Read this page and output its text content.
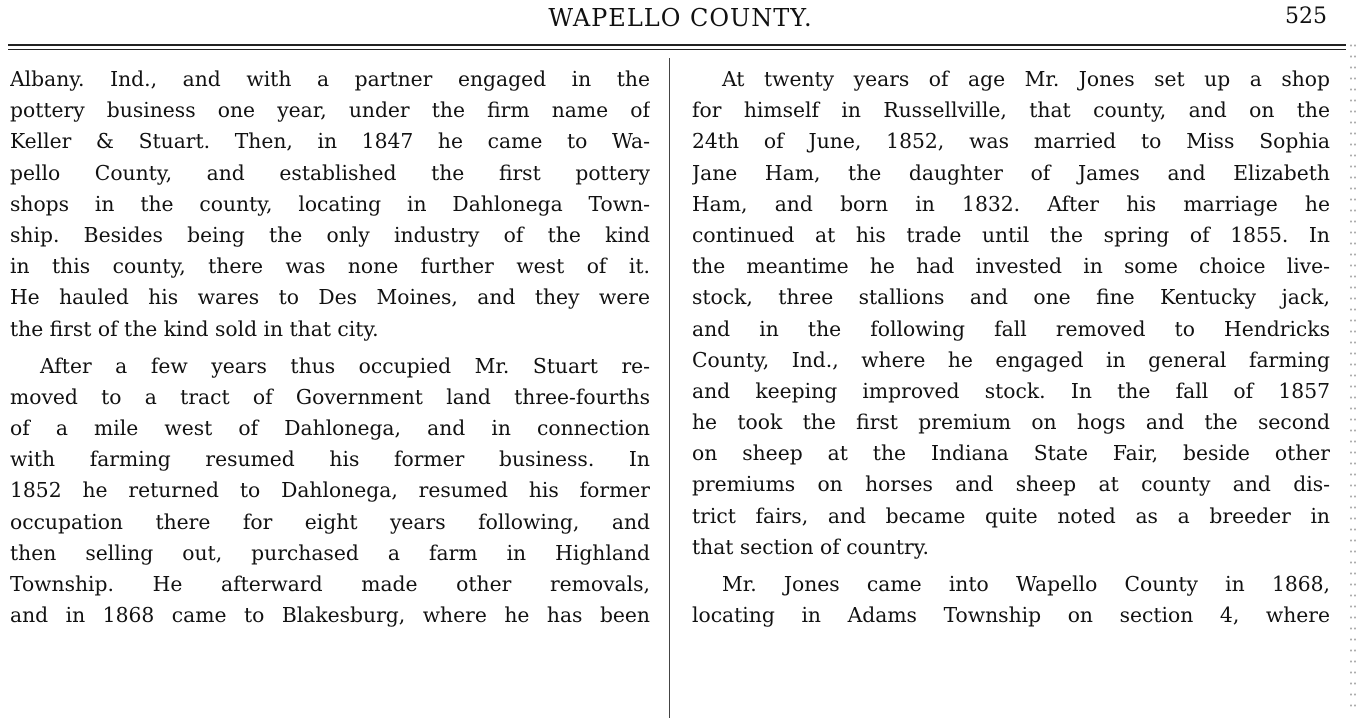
WAPELLO COUNTY.	525
Albany. Ind., and with a partner engaged in the
pottery business one year, under the firm name of
Keller & Stuart. Then, in 1847 he came to Wa-
pello County, and established the first pottery
shops in the county, locating in Dahlonega Town-
ship. Besides being the only industry of the kind
in this county, there was none further west of it.
He hauled his wares to Des Moines, and they were
the first of the kind sold in that city.
After a few years thus occupied Mr. Stuart re-
moved to a tract of Government land three-fourths
of a mile west of Dahlonega, and in connection
with farming resumed his former business. In
1852 he returned to Dahlonega, resumed his former
occupation there for eight years following, and
then selling out, purchased a farm in Highland
Township. He afterward made other removals,
and in 1868 came to Blakesburg, where he has been
At twenty years of age Mr. Jones set up a shop
for himself in Russellville, that county, and on the
24th of June, 1852, was married to Miss Sophia
Jane Ham, the daughter of James and Elizabeth
Ham, and born in 1832. After his marriage he
continued at his trade until the spring of 1855. In
the meantime he had invested in some choice live-
stock, three stallions and one fine Kentucky jack,
and in the following fall removed to Hendricks
County, Ind., where he engaged in general farming
and keeping improved stock. In the fall of 1857
he took the first premium on hogs and the second
on sheep at the Indiana State Fair, beside other
premiums on horses and sheep at county and dis-
trict fairs, and became quite noted as a breeder in
that section of country.
Mr. Jones came into Wapello County in 1868,
locating in Adams Township on section 4, where
